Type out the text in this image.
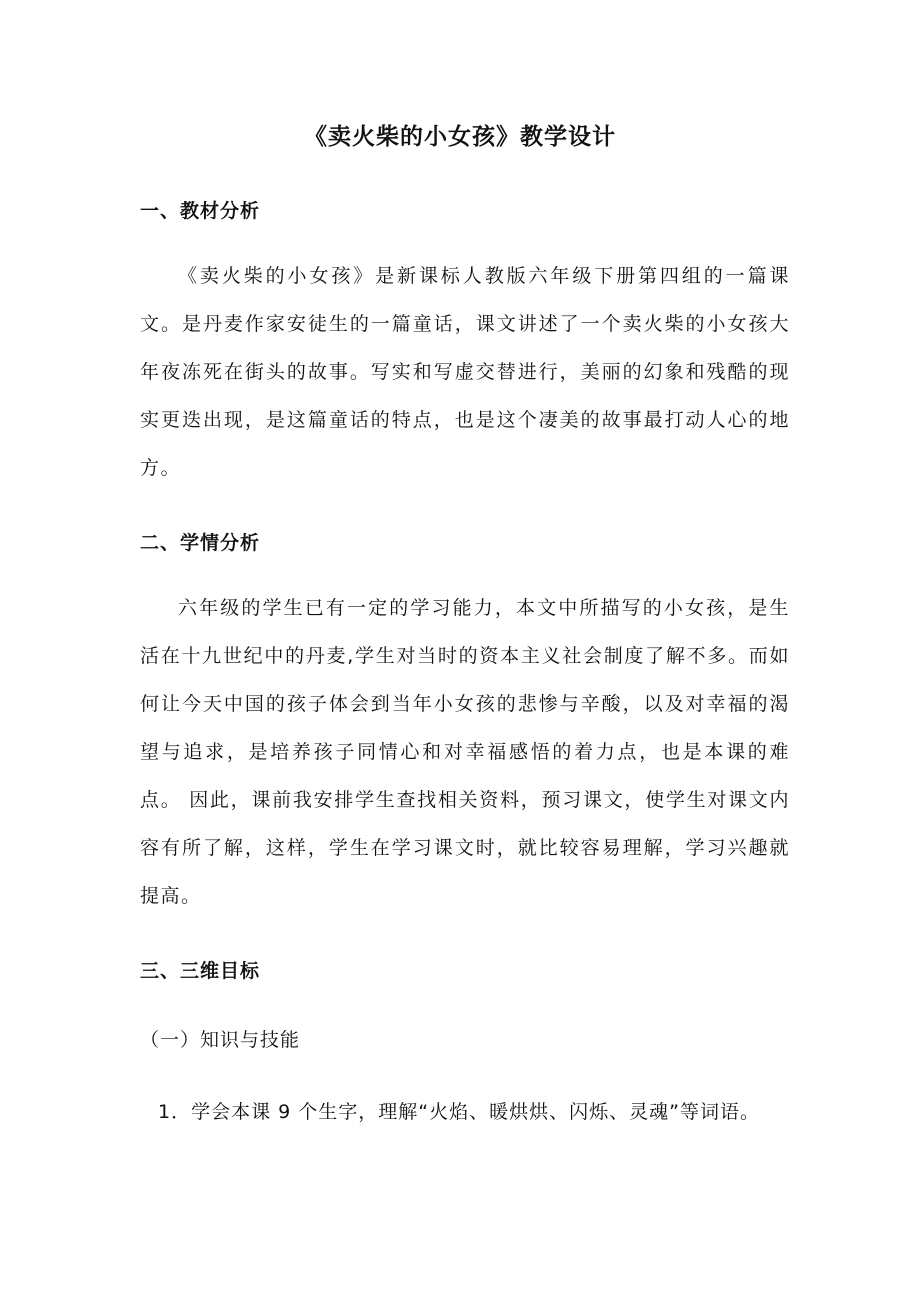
《卖火柴的小女孩》教学设计
一、教材分析
《卖火柴的小女孩》是新课标人教版六年级下册第四组的一篇课文。是丹麦作家安徒生的一篇童话，课文讲述了一个卖火柴的小女孩大年夜冻死在街头的故事。写实和写虚交替进行，美丽的幻象和残酷的现实更迭出现，是这篇童话的特点，也是这个凄美的故事最打动人心的地方。
二、学情分析
六年级的学生已有一定的学习能力，本文中所描写的小女孩，是生活在十九世纪中的丹麦,学生对当时的资本主义社会制度了解不多。而如何让今天中国的孩子体会到当年小女孩的悲惨与辛酸，以及对幸福的渴望与追求，是培养孩子同情心和对幸福感悟的着力点，也是本课的难点。 因此，课前我安排学生查找相关资料，预习课文，使学生对课文内容有所了解，这样，学生在学习课文时，就比较容易理解，学习兴趣就提高。
三、三维目标
（一）知识与技能
1．学会本课 9 个生字，理解“火焰、暖烘烘、闪烁、灵魂”等词语。
